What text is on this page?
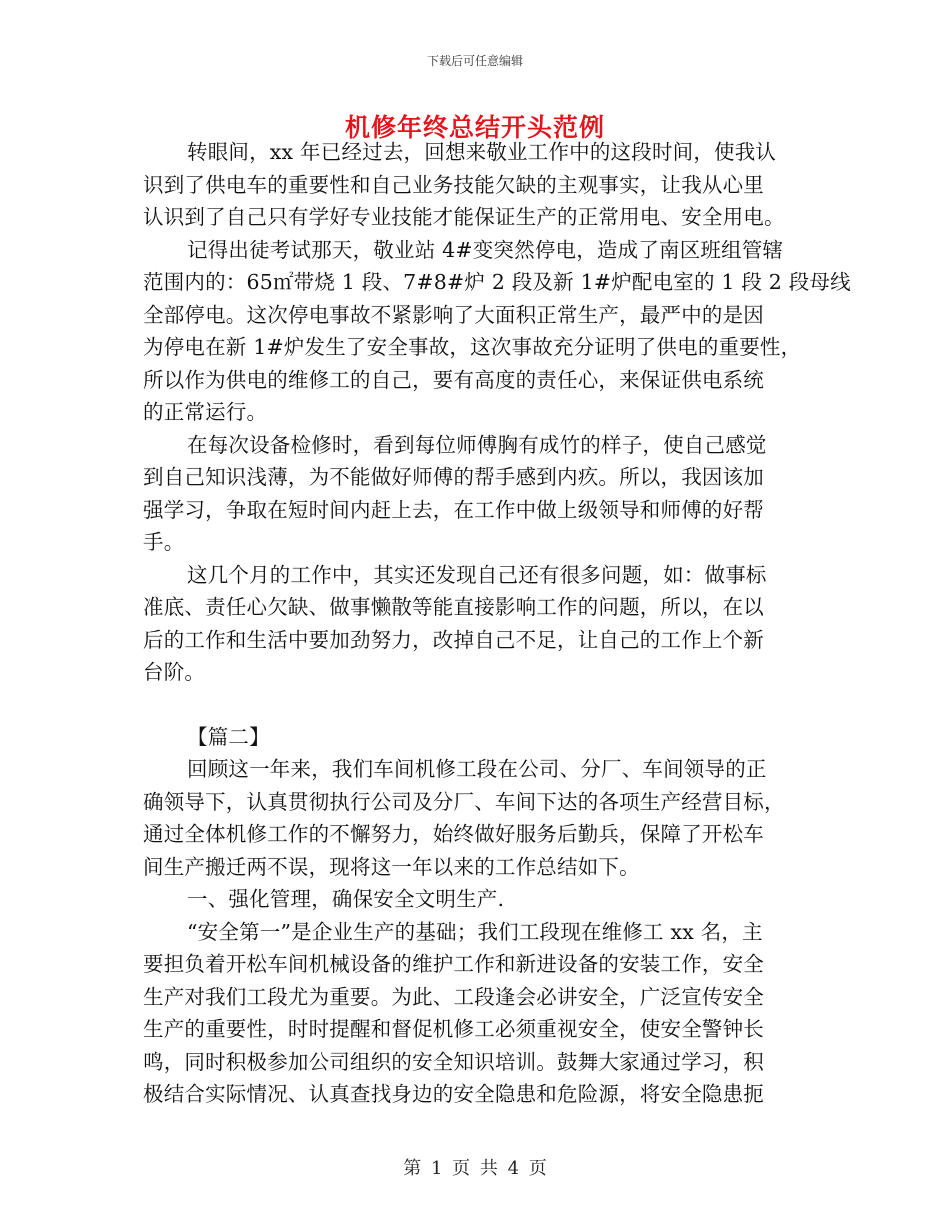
下载后可任意编辑
机修年终总结开头范例
转眼间，xx 年已经过去，回想来敬业工作中的这段时间，使我认
识到了供电车的重要性和自己业务技能欠缺的主观事实，让我从心里
认识到了自己只有学好专业技能才能保证生产的正常用电、安全用电。
记得出徒考试那天，敬业站 4#变突然停电，造成了南区班组管辖
范围内的：65㎡带烧 1 段、7#8#炉 2 段及新 1#炉配电室的 1 段 2 段母线
全部停电。这次停电事故不紧影响了大面积正常生产，最严中的是因
为停电在新 1#炉发生了安全事故，这次事故充分证明了供电的重要性，
所以作为供电的维修工的自己，要有高度的责任心，来保证供电系统
的正常运行。
在每次设备检修时，看到每位师傅胸有成竹的样子，使自己感觉
到自己知识浅薄，为不能做好师傅的帮手感到内疚。所以，我因该加
强学习，争取在短时间内赶上去，在工作中做上级领导和师傅的好帮
手。
这几个月的工作中，其实还发现自己还有很多问题，如：做事标
准底、责任心欠缺、做事懒散等能直接影响工作的问题，所以，在以
后的工作和生活中要加劲努力，改掉自己不足，让自己的工作上个新
台阶。
【篇二】
回顾这一年来，我们车间机修工段在公司、分厂、车间领导的正
确领导下，认真贯彻执行公司及分厂、车间下达的各项生产经营目标，
通过全体机修工作的不懈努力，始终做好服务后勤兵，保障了开松车
间生产搬迁两不误，现将这一年以来的工作总结如下。
一、强化管理，确保安全文明生产.
“安全第一”是企业生产的基础；我们工段现在维修工 xx 名，主
要担负着开松车间机械设备的维护工作和新进设备的安装工作，安全
生产对我们工段尤为重要。为此、工段逢会必讲安全，广泛宣传安全
生产的重要性，时时提醒和督促机修工必须重视安全，使安全警钟长
鸣，同时积极参加公司组织的安全知识培训。鼓舞大家通过学习，积
极结合实际情况、认真查找身边的安全隐患和危险源，将安全隐患扼
第 1 页 共 4 页
